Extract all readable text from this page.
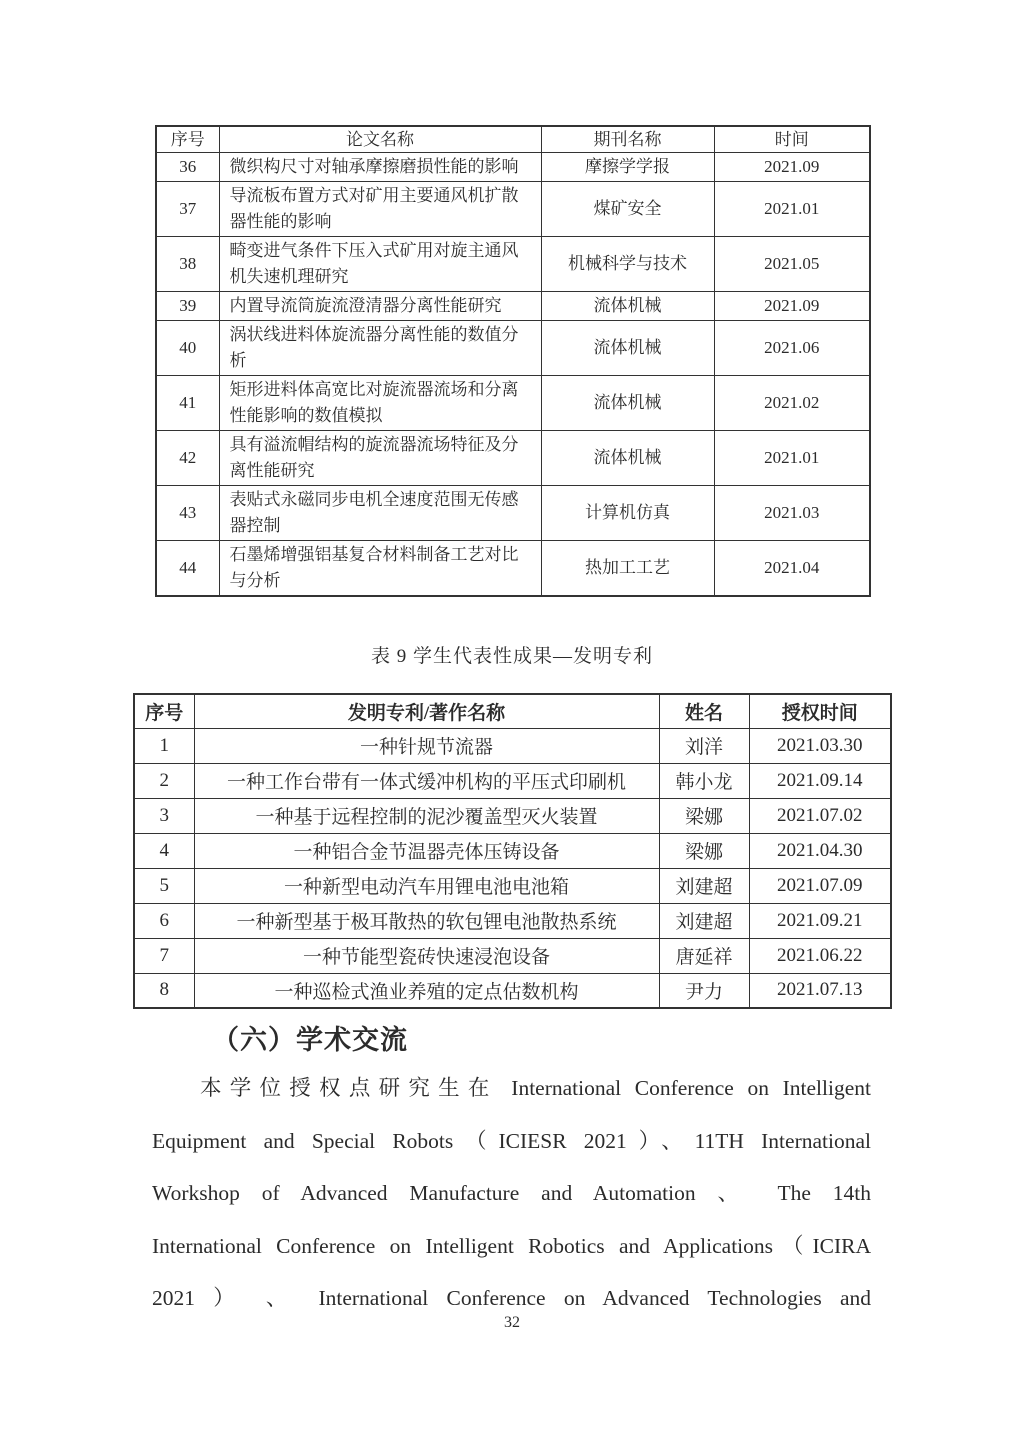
序号	论文名称	期刊名称	时间
36	微织构尺寸对轴承摩擦磨损性能的影响	摩擦学学报	2021.09
37	导流板布置方式对矿用主要通风机扩散器性能的影响	煤矿安全	2021.01
38	畸变进气条件下压入式矿用对旋主通风机失速机理研究	机械科学与技术	2021.05
39	内置导流筒旋流澄清器分离性能研究	流体机械	2021.09
40	涡状线进料体旋流器分离性能的数值分析	流体机械	2021.06
41	矩形进料体高宽比对旋流器流场和分离性能影响的数值模拟	流体机械	2021.02
42	具有溢流帽结构的旋流器流场特征及分离性能研究	流体机械	2021.01
43	表贴式永磁同步电机全速度范围无传感器控制	计算机仿真	2021.03
44	石墨烯增强铝基复合材料制备工艺对比与分析	热加工工艺	2021.04
表 9 学生代表性成果—发明专利
序号	发明专利/著作名称	姓名	授权时间
1	一种针规节流器	刘洋	2021.03.30
2	一种工作台带有一体式缓冲机构的平压式印刷机	韩小龙	2021.09.14
3	一种基于远程控制的泥沙覆盖型灭火装置	梁娜	2021.07.02
4	一种铝合金节温器壳体压铸设备	梁娜	2021.04.30
5	一种新型电动汽车用锂电池电池箱	刘建超	2021.07.09
6	一种新型基于极耳散热的软包锂电池散热系统	刘建超	2021.09.21
7	一种节能型瓷砖快速浸泡设备	唐延祥	2021.06.22
8	一种巡检式渔业养殖的定点估数机构	尹力	2021.07.13
（六）学术交流
本学位授权点研究生在 International Conference on Intelligent
Equipment and Special Robots（ICIESR 2021）、11TH International
Workshop of Advanced Manufacture and Automation 、 The 14th
International Conference on Intelligent Robotics and Applications（ICIRA
2021 ） 、 International Conference on Advanced Technologies and
32
